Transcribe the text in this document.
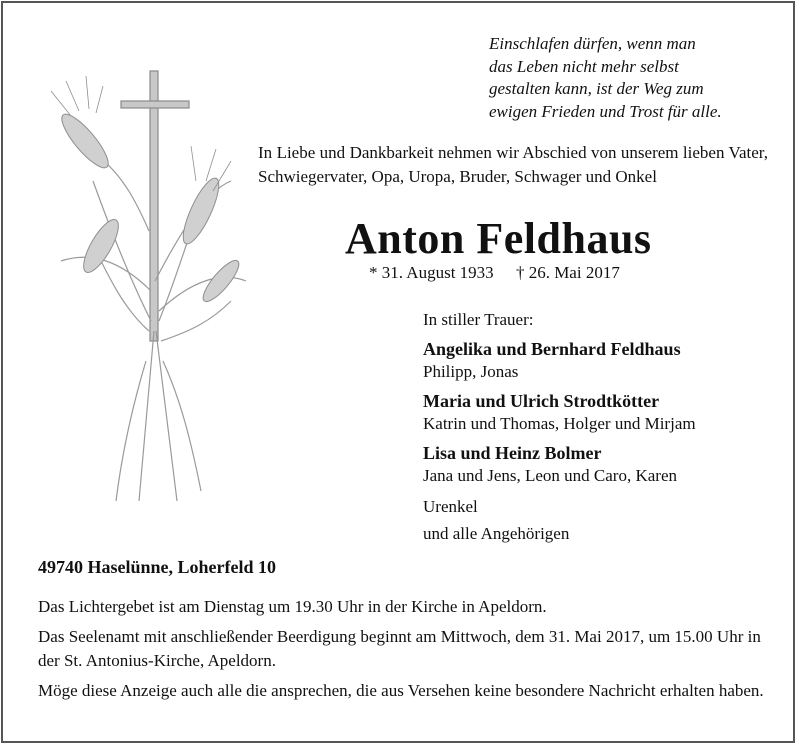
Einschlafen dürfen, wenn man
das Leben nicht mehr selbst
gestalten kann, ist der Weg zum
ewigen Frieden und Trost für alle.
In Liebe und Dankbarkeit nehmen wir Abschied von unserem lieben Vater, Schwiegervater, Opa, Uropa, Bruder, Schwager und Onkel
Anton Feldhaus
* 31. August 1933 † 26. Mai 2017
In stiller Trauer:
Angelika und Bernhard Feldhaus
Philipp, Jonas
Maria und Ulrich Strodtkötter
Katrin und Thomas, Holger und Mirjam
Lisa und Heinz Bolmer
Jana und Jens, Leon und Caro, Karen
Urenkel
und alle Angehörigen
49740 Haselünne, Loherfeld 10

Das Lichtergebet ist am Dienstag um 19.30 Uhr in der Kirche in Apeldorn.

Das Seelenamt mit anschließender Beerdigung beginnt am Mittwoch, dem 31. Mai 2017, um 15.00 Uhr in der St. Antonius-Kirche, Apeldorn.

Möge diese Anzeige auch alle die ansprechen, die aus Versehen keine besondere Nachricht erhalten haben.
